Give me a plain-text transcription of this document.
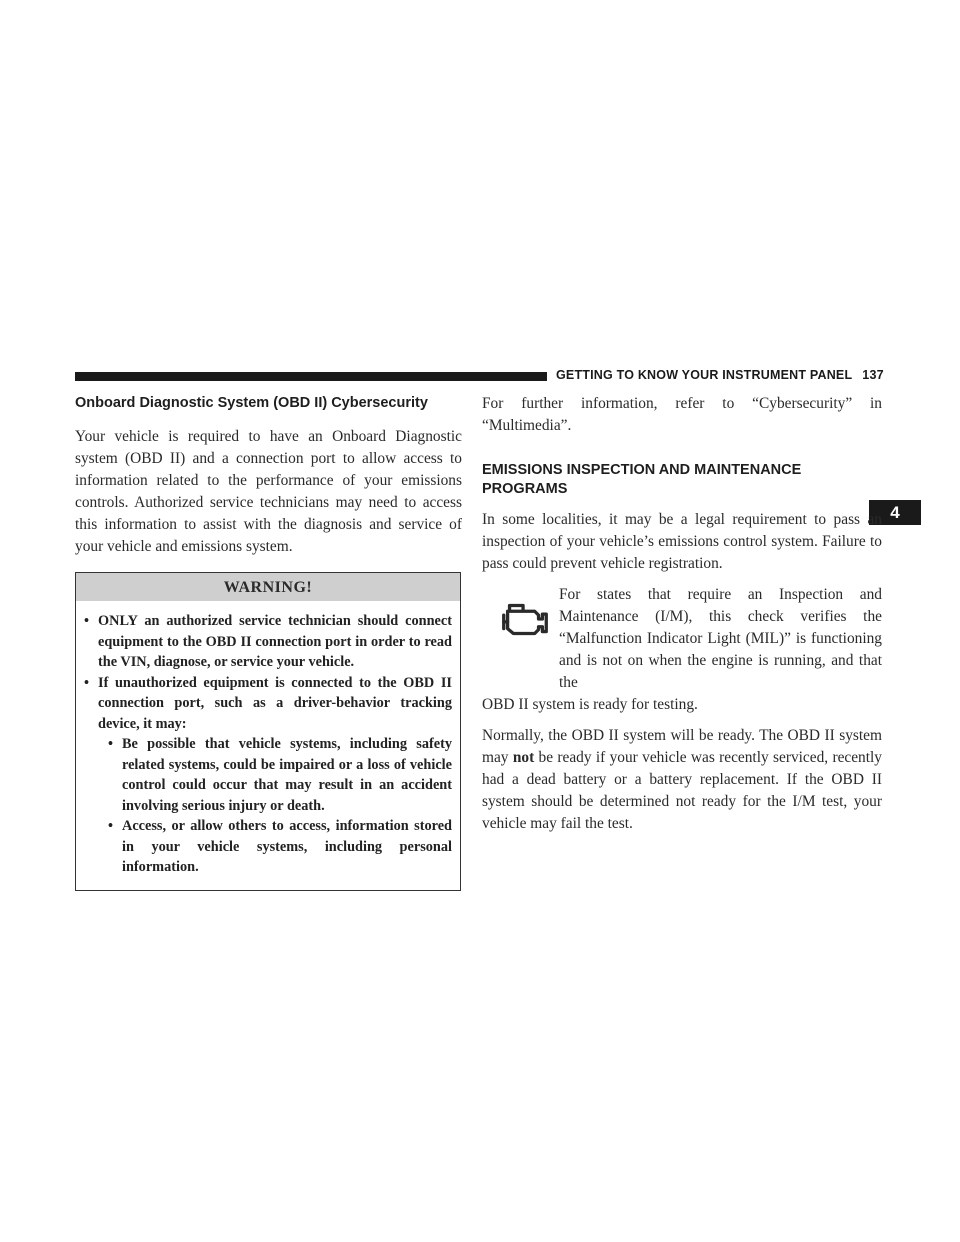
GETTING TO KNOW YOUR INSTRUMENT PANEL 137
4
Onboard Diagnostic System (OBD II) Cybersecurity

Your vehicle is required to have an Onboard Diagnostic system (OBD II) and a connection port to allow access to information related to the performance of your emissions controls. Authorized service technicians may need to access this information to assist with the diagnosis and service of your vehicle and emissions system.

WARNING!
• ONLY an authorized service technician should connect equipment to the OBD II connection port in order to read the VIN, diagnose, or service your vehicle.
• If unauthorized equipment is connected to the OBD II connection port, such as a driver-behavior tracking device, it may:
• Be possible that vehicle systems, including safety related systems, could be impaired or a loss of vehicle control could occur that may result in an accident involving serious injury or death.
• Access, or allow others to access, information stored in your vehicle systems, including personal information.

For further information, refer to “Cybersecurity” in “Multimedia”.

EMISSIONS INSPECTION AND MAINTENANCE PROGRAMS

In some localities, it may be a legal requirement to pass an inspection of your vehicle’s emissions control system. Failure to pass could prevent vehicle registration.

For states that require an Inspection and Maintenance (I/M), this check verifies the “Malfunction Indicator Light (MIL)” is functioning and is not on when the engine is running, and that the

OBD II system is ready for testing.

Normally, the OBD II system will be ready. The OBD II system may not be ready if your vehicle was recently serviced, recently had a dead battery or a battery replacement. If the OBD II system should be determined not ready for the I/M test, your vehicle may fail the test.
